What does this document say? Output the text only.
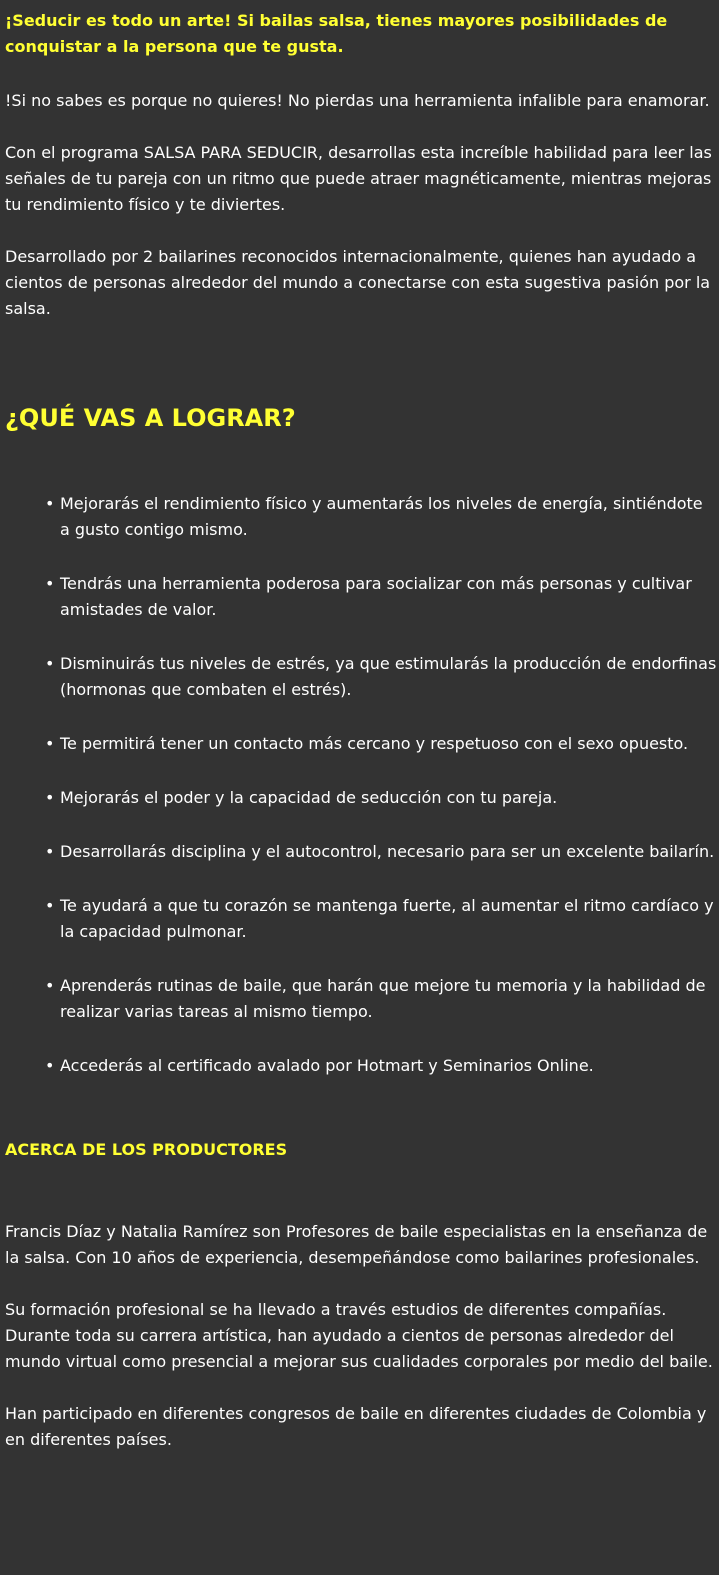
¡Seducir es todo un arte! Si bailas salsa, tienes mayores posibilidades de conquistar a la persona que te gusta.

!Si no sabes es porque no quieres! No pierdas una herramienta infalible para enamorar.

Con el programa SALSA PARA SEDUCIR, desarrollas esta increíble habilidad para leer las señales de tu pareja con un ritmo que puede atraer magnéticamente, mientras mejoras tu rendimiento físico y te diviertes.

Desarrollado por 2 bailarines reconocidos internacionalmente, quienes han ayudado a cientos de personas alrededor del mundo a conectarse con esta sugestiva pasión por la salsa.

¿QUÉ VAS A LOGRAR?
• Mejorarás el rendimiento físico y aumentarás los niveles de energía, sintiéndote a gusto contigo mismo.
• Tendrás una herramienta poderosa para socializar con más personas y cultivar amistades de valor.
• Disminuirás tus niveles de estrés, ya que estimularás la producción de endorfinas (hormonas que combaten el estrés).
• Te permitirá tener un contacto más cercano y respetuoso con el sexo opuesto.
• Mejorarás el poder y la capacidad de seducción con tu pareja.
• Desarrollarás disciplina y el autocontrol, necesario para ser un excelente bailarín.
• Te ayudará a que tu corazón se mantenga fuerte, al aumentar el ritmo cardíaco y la capacidad pulmonar.
• Aprenderás rutinas de baile, que harán que mejore tu memoria y la habilidad de realizar varias tareas al mismo tiempo.
• Accederás al certificado avalado por Hotmart y Seminarios Online.
ACERCA DE LOS PRODUCTORES

Francis Díaz y Natalia Ramírez son Profesores de baile especialistas en la enseñanza de la salsa. Con 10 años de experiencia, desempeñándose como bailarines profesionales.

Su formación profesional se ha llevado a través estudios de diferentes compañías. Durante toda su carrera artística, han ayudado a cientos de personas alrededor del mundo virtual como presencial a mejorar sus cualidades corporales por medio del baile.

Han participado en diferentes congresos de baile en diferentes ciudades de Colombia y en diferentes países.
